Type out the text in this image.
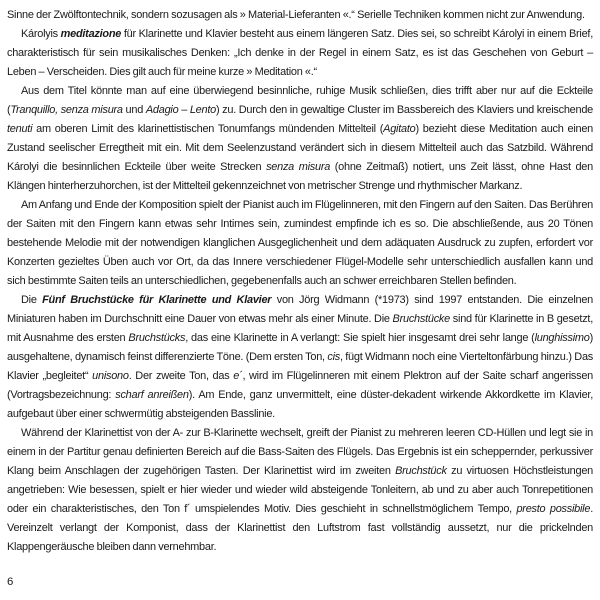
Sinne der Zwölftontechnik, sondern sozusagen als » Material-Lieferanten «.“ Serielle Techniken kommen nicht zur Anwendung.

Károlyis meditazione für Klarinette und Klavier besteht aus einem längeren Satz. Dies sei, so schreibt Károlyi in einem Brief, charakteristisch für sein musikalisches Denken: „Ich denke in der Regel in einem Satz, es ist das Geschehen von Geburt – Leben – Verscheiden. Dies gilt auch für meine kurze » Meditation «.“

Aus dem Titel könnte man auf eine überwiegend besinnliche, ruhige Musik schließen, dies trifft aber nur auf die Eckteile (Tranquillo, senza misura und Adagio – Lento) zu. Durch den in gewaltige Cluster im Bassbereich des Klaviers und kreischende tenuti am oberen Limit des klarinettistischen Tonumfangs mündenden Mittelteil (Agitato) bezieht diese Meditation auch einen Zustand seelischer Erregtheit mit ein. Mit dem Seelenzustand verändert sich in diesem Mittelteil auch das Satzbild. Während Károlyi die besinnlichen Eckteile über weite Strecken senza misura (ohne Zeitmaß) notiert, uns Zeit lässt, ohne Hast den Klängen hinterherzuhorchen, ist der Mittelteil gekennzeichnet von metrischer Strenge und rhythmischer Markanz.

Am Anfang und Ende der Komposition spielt der Pianist auch im Flügelinneren, mit den Fingern auf den Saiten. Das Berühren der Saiten mit den Fingern kann etwas sehr Intimes sein, zumindest empfinde ich es so. Die abschließende, aus 20 Tönen bestehende Melodie mit der notwendigen klanglichen Ausgeglichenheit und dem adäquaten Ausdruck zu zupfen, erfordert vor Konzerten gezieltes Üben auch vor Ort, da das Innere verschiedener Flügel-Modelle sehr unterschiedlich ausfallen kann und sich bestimmte Saiten teils an unterschiedlichen, gegebenenfalls auch an schwer erreichbaren Stellen befinden.

Die Fünf Bruchstücke für Klarinette und Klavier von Jörg Widmann (*1973) sind 1997 entstanden. Die einzelnen Miniaturen haben im Durchschnitt eine Dauer von etwas mehr als einer Minute. Die Bruchstücke sind für Klarinette in B gesetzt, mit Ausnahme des ersten Bruchstücks, das eine Klarinette in A verlangt: Sie spielt hier insgesamt drei sehr lange (lunghissimo) ausgehaltene, dynamisch feinst differenzierte Töne. (Dem ersten Ton, cis, fügt Widmann noch eine Vierteltonfärbung hinzu.) Das Klavier „begleitet“ unisono. Der zweite Ton, das e´, wird im Flügelinneren mit einem Plektron auf der Saite scharf angerissen (Vortragsbezeichnung: scharf anreißen). Am Ende, ganz unvermittelt, eine düster-dekadent wirkende Akkordkette im Klavier, aufgebaut über einer schwermütig absteigenden Basslinie.

Während der Klarinettist von der A- zur B-Klarinette wechselt, greift der Pianist zu mehreren leeren CD-Hüllen und legt sie in einem in der Partitur genau definierten Bereich auf die Bass-Saiten des Flügels. Das Ergebnis ist ein scheppernder, perkussiver Klang beim Anschlagen der zugehörigen Tasten. Der Klarinettist wird im zweiten Bruchstück zu virtuosen Höchstleistungen angetrieben: Wie besessen, spielt er hier wieder und wieder wild absteigende Tonleitern, ab und zu aber auch Tonrepetitionen oder ein charakteristisches, den Ton f´ umspielendes Motiv. Dies geschieht in schnellstmöglichem Tempo, presto possibile. Vereinzelt verlangt der Komponist, dass der Klarinettist den Luftstrom fast vollständig aussetzt, nur die prickelnden Klappengeräusche bleiben dann vernehmbar.

6
